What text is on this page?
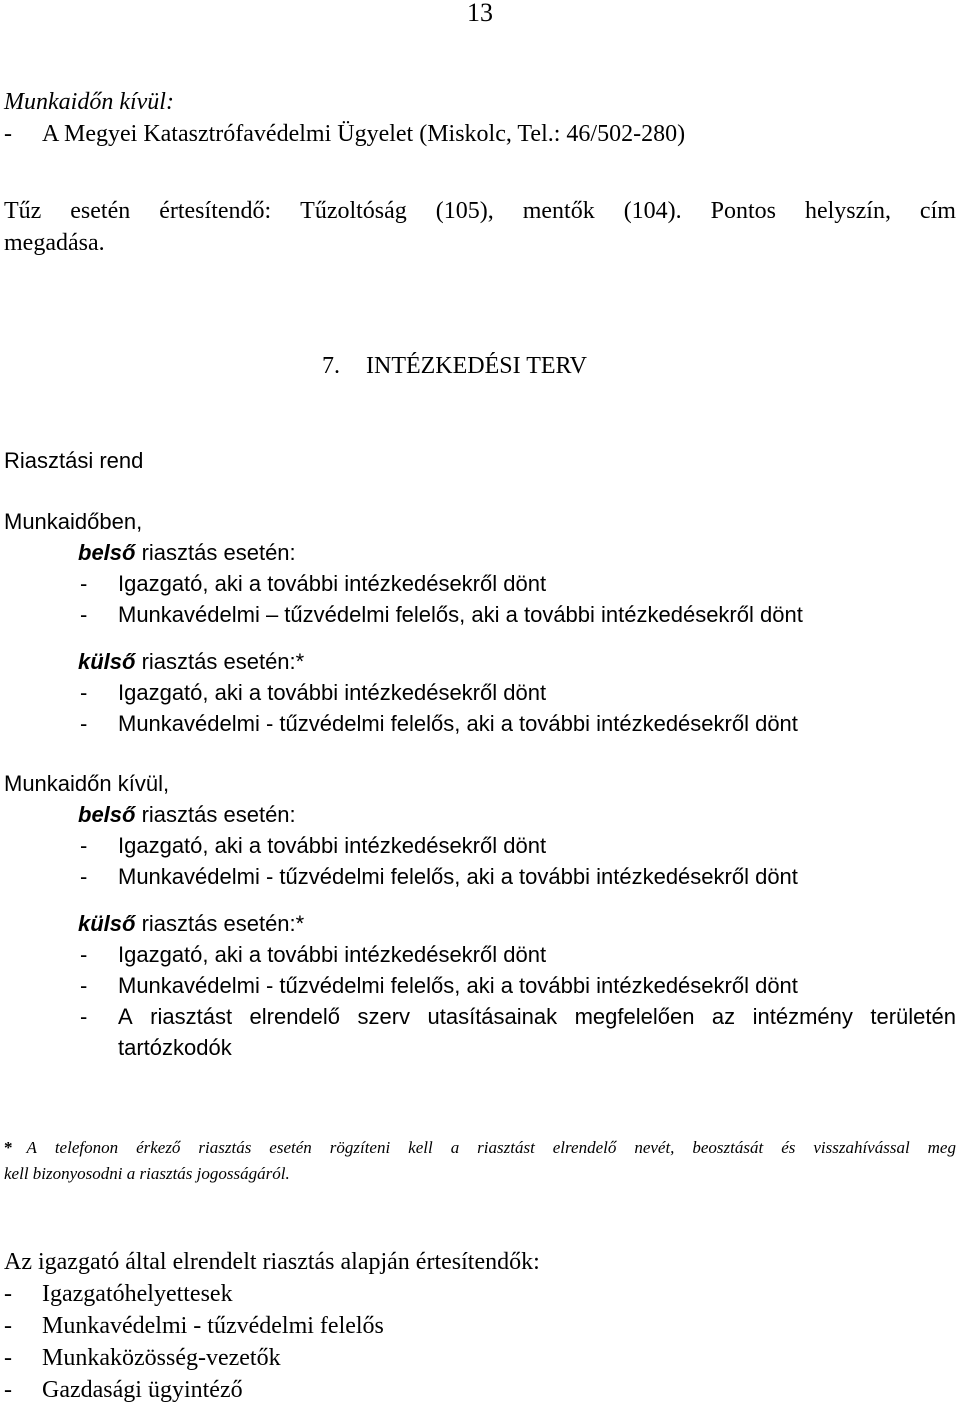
13
Munkaidőn kívül:
-	A Megyei Katasztrófavédelmi Ügyelet (Miskolc, Tel.: 46/502-280)
Tűz esetén értesítendő: Tűzoltóság (105), mentők (104). Pontos helyszín, cím
megadása.
7. INTÉZKEDÉSI TERV
Riasztási rend
Munkaidőben,
belső riasztás esetén:
-	Igazgató, aki a további intézkedésekről dönt
-	Munkavédelmi – tűzvédelmi felelős, aki a további intézkedésekről dönt
külső riasztás esetén:*
-	Igazgató, aki a további intézkedésekről dönt
-	Munkavédelmi - tűzvédelmi felelős, aki a további intézkedésekről dönt
Munkaidőn kívül,
belső riasztás esetén:
-	Igazgató, aki a további intézkedésekről dönt
-	Munkavédelmi - tűzvédelmi felelős, aki a további intézkedésekről dönt
külső riasztás esetén:*
-	Igazgató, aki a további intézkedésekről dönt
-	Munkavédelmi - tűzvédelmi felelős, aki a további intézkedésekről dönt
-	A riasztást elrendelő szerv utasításainak megfelelően az intézmény területén
tartózkodók
* A telefonon érkező riasztás esetén rögzíteni kell a riasztást elrendelő nevét, beosztását és visszahívással meg
kell bizonyosodni a riasztás jogosságáról.
Az igazgató által elrendelt riasztás alapján értesítendők:
-	Igazgatóhelyettesek
-	Munkavédelmi - tűzvédelmi felelős
-	Munkaközösség-vezetők
-	Gazdasági ügyintéző
